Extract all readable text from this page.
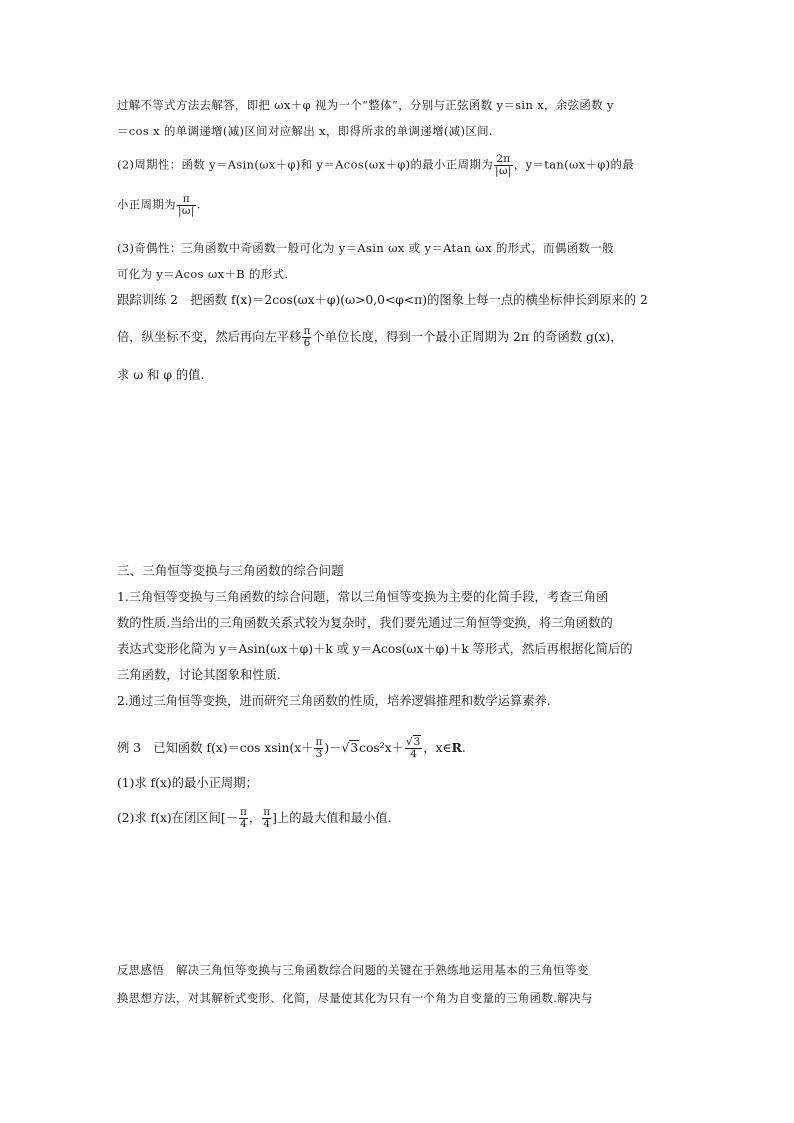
过解不等式方法去解答，即把 ωx＋φ 视为一个“整体”，分别与正弦函数 y＝sin x，余弦函数 y
＝cos x 的单调递增(减)区间对应解出 x，即得所求的单调递增(减)区间.
(2)周期性：函数 y＝Asin(ωx＋φ)和 y＝Acos(ωx＋φ)的最小正周期为 $\frac{2\pi}{|\omega|}$ ，y＝tan(ωx＋φ)的最
小正周期为 $\frac{\pi}{|\omega|}$ .
(3)奇偶性：三角函数中奇函数一般可化为 y＝Asin ωx 或 y＝Atan ωx 的形式，而偶函数一般
可化为 y＝Acos ωx＋B 的形式.
跟踪训练 2　把函数 f(x)＝2cos(ωx＋φ)(ω>0,0<φ<π)的图象上每一点的横坐标伸长到原来的 2
倍，纵坐标不变，然后再向左平移 $\frac{\pi}{6}$ 个单位长度，得到一个最小正周期为 2π 的奇函数 g(x)，
求 ω 和 φ 的值.
三、三角恒等变换与三角函数的综合问题
1.三角恒等变换与三角函数的综合问题，常以三角恒等变换为主要的化简手段，考查三角函
数的性质.当给出的三角函数关系式较为复杂时，我们要先通过三角恒等变换，将三角函数的
表达式变形化简为 y＝Asin(ωx＋φ)＋k 或 y＝Acos(ωx＋φ)＋k 等形式，然后再根据化简后的
三角函数，讨论其图象和性质.
2.通过三角恒等变换，进而研究三角函数的性质，培养逻辑推理和数学运算素养.
例 3　已知函数 f(x)＝cos $xsin(x+ \frac{\pi}{3} )-√3\cos^2x+ \frac{√3}{4}$ ，x∈R.
(1)求 f(x)的最小正周期；
(2)求 f(x)在闭区间[－ $\frac{\pi}{4}$ ， $\frac{\pi}{4}$ ]上的最大值和最小值.
反思感悟　解决三角恒等变换与三角函数综合问题的关键在于熟练地运用基本的三角恒等变
换思想方法，对其解析式变形、化简，尽量使其化为只有一个角为自变量的三角函数.解决与
